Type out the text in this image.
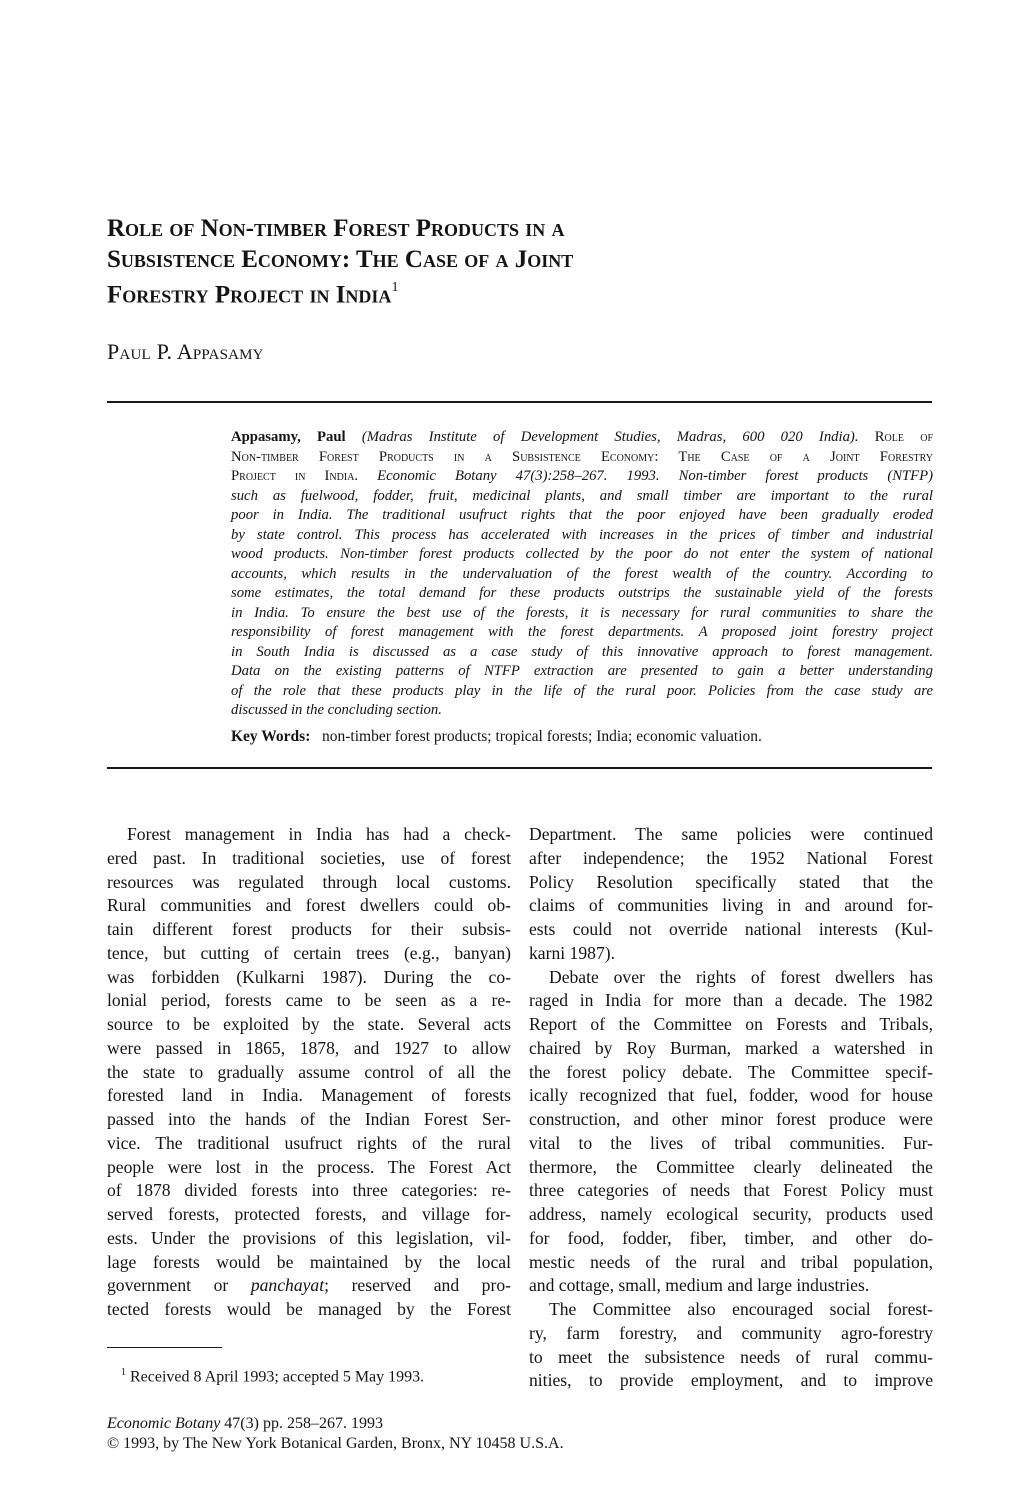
Role of Non-timber Forest Products in a
Subsistence Economy: The Case of a Joint
Forestry Project in India$^1$
Paul P. Appasamy
Appasamy, Paul (Madras Institute of Development Studies, Madras, 600 020 India). Role of
Non-timber Forest Products in a Subsistence Economy: The Case of a Joint Forestry
Project in India. Economic Botany 47(3):258–267. 1993. Non-timber forest products (NTFP)
such as fuelwood, fodder, fruit, medicinal plants, and small timber are important to the rural
poor in India. The traditional usufruct rights that the poor enjoyed have been gradually eroded
by state control. This process has accelerated with increases in the prices of timber and industrial
wood products. Non-timber forest products collected by the poor do not enter the system of national
accounts, which results in the undervaluation of the forest wealth of the country. According to
some estimates, the total demand for these products outstrips the sustainable yield of the forests
in India. To ensure the best use of the forests, it is necessary for rural communities to share the
responsibility of forest management with the forest departments. A proposed joint forestry project
in South India is discussed as a case study of this innovative approach to forest management.
Data on the existing patterns of NTFP extraction are presented to gain a better understanding
of the role that these products play in the life of the rural poor. Policies from the case study are
discussed in the concluding section.
Key Words: non-timber forest products; tropical forests; India; economic valuation.
Forest management in India has had a check-
ered past. In traditional societies, use of forest
resources was regulated through local customs.
Rural communities and forest dwellers could ob-
tain different forest products for their subsis-
tence, but cutting of certain trees (e.g., banyan)
was forbidden (Kulkarni 1987). During the co-
lonial period, forests came to be seen as a re-
source to be exploited by the state. Several acts
were passed in 1865, 1878, and 1927 to allow
the state to gradually assume control of all the
forested land in India. Management of forests
passed into the hands of the Indian Forest Ser-
vice. The traditional usufruct rights of the rural
people were lost in the process. The Forest Act
of 1878 divided forests into three categories: re-
served forests, protected forests, and village for-
ests. Under the provisions of this legislation, vil-
lage forests would be maintained by the local
government or panchayat; reserved and pro-
tected forests would be managed by the Forest
Department. The same policies were continued
after independence; the 1952 National Forest
Policy Resolution specifically stated that the
claims of communities living in and around for-
ests could not override national interests (Kul-
karni 1987).
Debate over the rights of forest dwellers has
raged in India for more than a decade. The 1982
Report of the Committee on Forests and Tribals,
chaired by Roy Burman, marked a watershed in
the forest policy debate. The Committee specif-
ically recognized that fuel, fodder, wood for house
construction, and other minor forest produce were
vital to the lives of tribal communities. Fur-
thermore, the Committee clearly delineated the
three categories of needs that Forest Policy must
address, namely ecological security, products used
for food, fodder, fiber, timber, and other do-
mestic needs of the rural and tribal population,
and cottage, small, medium and large industries.
The Committee also encouraged social forest-
ry, farm forestry, and community agro-forestry
to meet the subsistence needs of rural commu-
nities, to provide employment, and to improve
$^1$ Received 8 April 1993; accepted 5 May 1993.
Economic Botany 47(3) pp. 258–267. 1993
© 1993, by The New York Botanical Garden, Bronx, NY 10458 U.S.A.
